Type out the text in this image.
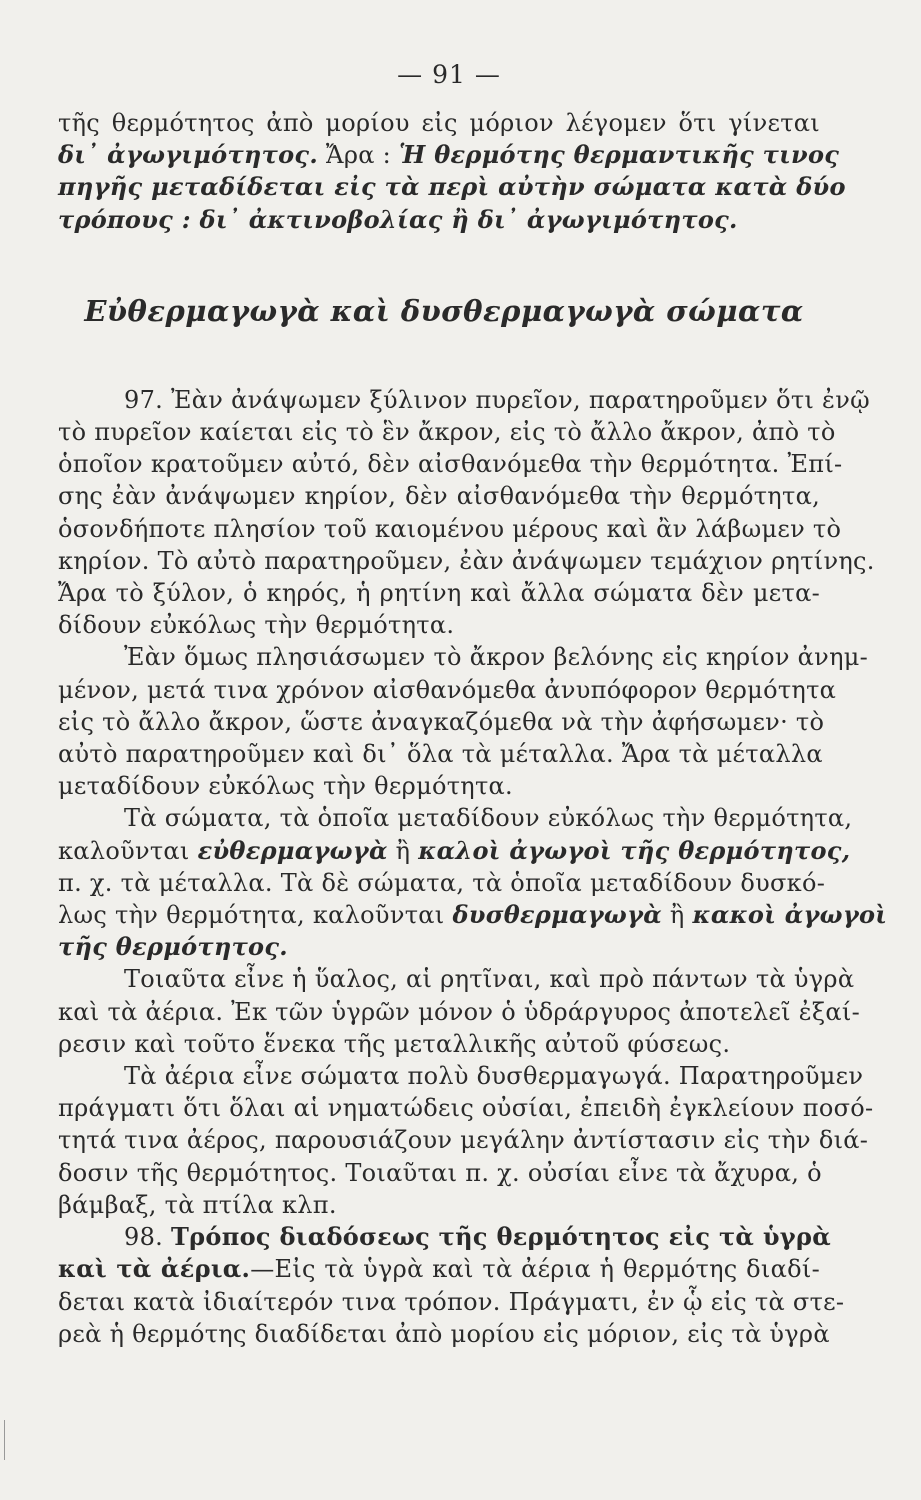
— 91 —
τῆς θερμότητος ἀπὸ μορίου εἰς μόριον λέγομεν ὅτι γίνεται
δι᾽ ἀγωγιμότητος. Ἄρα : Ἡ θερμότης θερμαντικῆς τινος
πηγῆς μεταδίδεται εἰς τὰ περὶ αὐτὴν σώματα κατὰ δύο
τρόπους : δι᾽ ἀκτινοβολίας ἢ δι᾽ ἀγωγιμότητος.
Εὐθερμαγωγὰ καὶ δυσθερμαγωγὰ σώματα
97. Ἐὰν ἀνάψωμεν ξύλινον πυρεῖον, παρατηροῦμεν ὅτι ἐνῷ
τὸ πυρεῖον καίεται εἰς τὸ ἓν ἄκρον, εἰς τὸ ἄλλο ἄκρον, ἀπὸ τὸ
ὁποῖον κρατοῦμεν αὐτό, δὲν αἰσθανόμεθα τὴν θερμότητα. Ἐπί-
σης ἐὰν ἀνάψωμεν κηρίον, δὲν αἰσθανόμεθα τὴν θερμότητα,
ὁσονδήποτε πλησίον τοῦ καιομένου μέρους καὶ ἂν λάβωμεν τὸ
κηρίον. Τὸ αὐτὸ παρατηροῦμεν, ἐὰν ἀνάψωμεν τεμάχιον ρητίνης.
Ἄρα τὸ ξύλον, ὁ κηρός, ἡ ρητίνη καὶ ἄλλα σώματα δὲν μετα-
δίδουν εὐκόλως τὴν θερμότητα.
Ἐὰν ὅμως πλησιάσωμεν τὸ ἄκρον βελόνης εἰς κηρίον ἀνημ-
μένον, μετά τινα χρόνον αἰσθανόμεθα ἀνυπόφορον θερμότητα
εἰς τὸ ἄλλο ἄκρον, ὥστε ἀναγκαζόμεθα νὰ τὴν ἀφήσωμεν· τὸ
αὐτὸ παρατηροῦμεν καὶ δι᾽ ὅλα τὰ μέταλλα. Ἄρα τὰ μέταλλα
μεταδίδουν εὐκόλως τὴν θερμότητα.
Τὰ σώματα, τὰ ὁποῖα μεταδίδουν εὐκόλως τὴν θερμότητα,
καλοῦνται εὐθερμαγωγὰ ἢ καλοὶ ἀγωγοὶ τῆς θερμότητος,
π. χ. τὰ μέταλλα. Τὰ δὲ σώματα, τὰ ὁποῖα μεταδίδουν δυσκό-
λως τὴν θερμότητα, καλοῦνται δυσθερμαγωγὰ ἢ κακοὶ ἀγωγοὶ
τῆς θερμότητος.
Τοιαῦτα εἶνε ἡ ὕαλος, αἱ ρητῖναι, καὶ πρὸ πάντων τὰ ὑγρὰ
καὶ τὰ ἀέρια. Ἐκ τῶν ὑγρῶν μόνον ὁ ὑδράργυρος ἀποτελεῖ ἐξαί-
ρεσιν καὶ τοῦτο ἕνεκα τῆς μεταλλικῆς αὐτοῦ φύσεως.
Τὰ ἀέρια εἶνε σώματα πολὺ δυσθερμαγωγά. Παρατηροῦμεν
πράγματι ὅτι ὅλαι αἱ νηματώδεις οὐσίαι, ἐπειδὴ ἐγκλείουν ποσό-
τητά τινα ἀέρος, παρουσιάζουν μεγάλην ἀντίστασιν εἰς τὴν διά-
δοσιν τῆς θερμότητος. Τοιαῦται π. χ. οὐσίαι εἶνε τὰ ἄχυρα, ὁ
βάμβαξ, τὰ πτίλα κλπ.
98. Τρόπος διαδόσεως τῆς θερμότητος εἰς τὰ ὑγρὰ
καὶ τὰ ἀέρια.—Εἰς τὰ ὑγρὰ καὶ τὰ ἀέρια ἡ θερμότης διαδί-
δεται κατὰ ἰδιαίτερόν τινα τρόπον. Πράγματι, ἐν ᾧ εἰς τὰ στε-
ρεὰ ἡ θερμότης διαδίδεται ἀπὸ μορίου εἰς μόριον, εἰς τὰ ὑγρὰ
